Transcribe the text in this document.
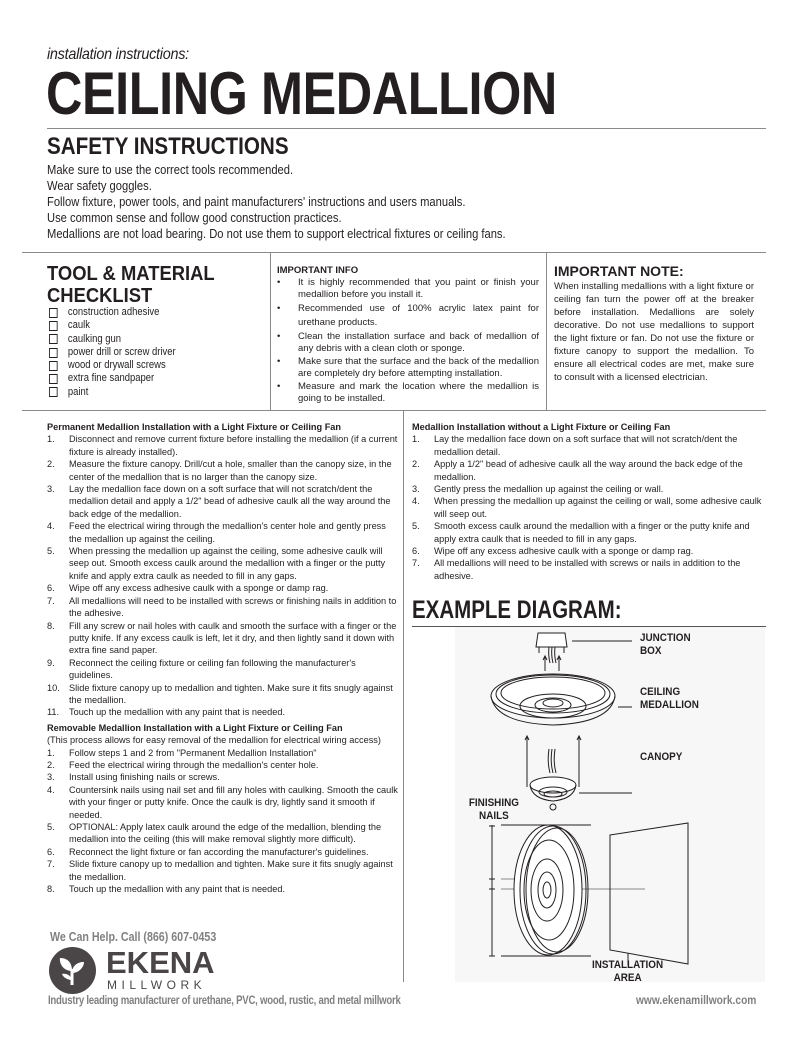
installation instructions:
CEILING MEDALLION
SAFETY INSTRUCTIONS
Make sure to use the correct tools recommended.
Wear safety goggles.
Follow fixture, power tools, and paint manufacturers' instructions and users manuals.
Use common sense and follow good construction practices.
Medallions are not load bearing. Do not use them to support electrical fixtures or ceiling fans.
TOOL & MATERIAL
CHECKLIST
construction adhesive
caulk
caulking gun
power drill or screw driver
wood or drywall screws
extra fine sandpaper
paint
IMPORTANT INFO
•	It is highly recommended that you paint or finish your medallion before you install it.
•	Recommended use of 100% acrylic latex paint for urethane products.
•	Clean the installation surface and back of medallion of any debris with a clean cloth or sponge.
•	Make sure that the surface and the back of the medallion are completely dry before attempting installation.
•	Measure and mark the location where the medallion is going to be installed.
IMPORTANT NOTE:
When installing medallions with a light fixture or ceiling fan turn the power off at the breaker before installation. Medallions are solely decorative. Do not use medallions to support the light fixture or fan. Do not use the fixture or fixture canopy to support the medallion. To ensure all electrical codes are met, make sure to consult with a licensed electrician.
Permanent Medallion Installation with a Light Fixture or Ceiling Fan
1.	Disconnect and remove current fixture before installing the medallion (if a current fixture is already installed).
2.	Measure the fixture canopy. Drill/cut a hole, smaller than the canopy size, in the center of the medallion that is no larger than the canopy size.
3.	Lay the medallion face down on a soft surface that will not scratch/dent the medallion detail and apply a 1/2" bead of adhesive caulk all the way around the back edge of the medallion.
4.	Feed the electrical wiring through the medallion's center hole and gently press the medallion up against the ceiling.
5.	When pressing the medallion up against the ceiling, some adhesive caulk will seep out. Smooth excess caulk around the medallion with a finger or the putty knife and apply extra caulk as needed to fill in any gaps.
6.	Wipe off any excess adhesive caulk with a sponge or damp rag.
7.	All medallions will need to be installed with screws or finishing nails in addition to the adhesive.
8.	Fill any screw or nail holes with caulk and smooth the surface with a finger or the putty knife. If any excess caulk is left, let it dry, and then lightly sand it down with extra fine sand paper.
9.	Reconnect the ceiling fixture or ceiling fan following the manufacturer's guidelines.
10.	Slide fixture canopy up to medallion and tighten. Make sure it fits snugly against the medallion.
11.	Touch up the medallion with any paint that is needed.
Removable Medallion Installation with a Light Fixture or Ceiling Fan
(This process allows for easy removal of the medallion for electrical wiring access)
1.	Follow steps 1 and 2 from "Permanent Medallion Installation"
2.	Feed the electrical wiring through the medallion's center hole.
3.	Install using finishing nails or screws.
4.	Countersink nails using nail set and fill any holes with caulking. Smooth the caulk with your finger or putty knife. Once the caulk is dry, lightly sand it smooth if needed.
5.	OPTIONAL: Apply latex caulk around the edge of the medallion, blending the medallion into the ceiling (this will make removal slightly more difficult).
6.	Reconnect the light fixture or fan according the manufacturer's guidelines.
7.	Slide fixture canopy up to medallion and tighten. Make sure it fits snugly against the medallion.
8.	Touch up the medallion with any paint that is needed.
Medallion Installation without a Light Fixture or Ceiling Fan
1.	Lay the medallion face down on a soft surface that will not scratch/dent the medallion detail.
2.	Apply a 1/2" bead of adhesive caulk all the way around the back edge of the medallion.
3.	Gently press the medallion up against the ceiling or wall.
4.	When pressing the medallion up against the ceiling or wall, some adhesive caulk will seep out.
5.	Smooth excess caulk around the medallion with a finger or the putty knife and apply extra caulk that is needed to fill in any gaps.
6.	Wipe off any excess adhesive caulk with a sponge or damp rag.
7.	All medallions will need to be installed with screws or nails in addition to the adhesive.
EXAMPLE DIAGRAM:
JUNCTION
BOX
CEILING
MEDALLION
CANOPY
FINISHING
NAILS
INSTALLATION
AREA
We Can Help. Call (866) 607-0453
EKENA
MILLWORK
Industry leading manufacturer of urethane, PVC, wood, rustic, and metal millwork	www.ekenamillwork.com
